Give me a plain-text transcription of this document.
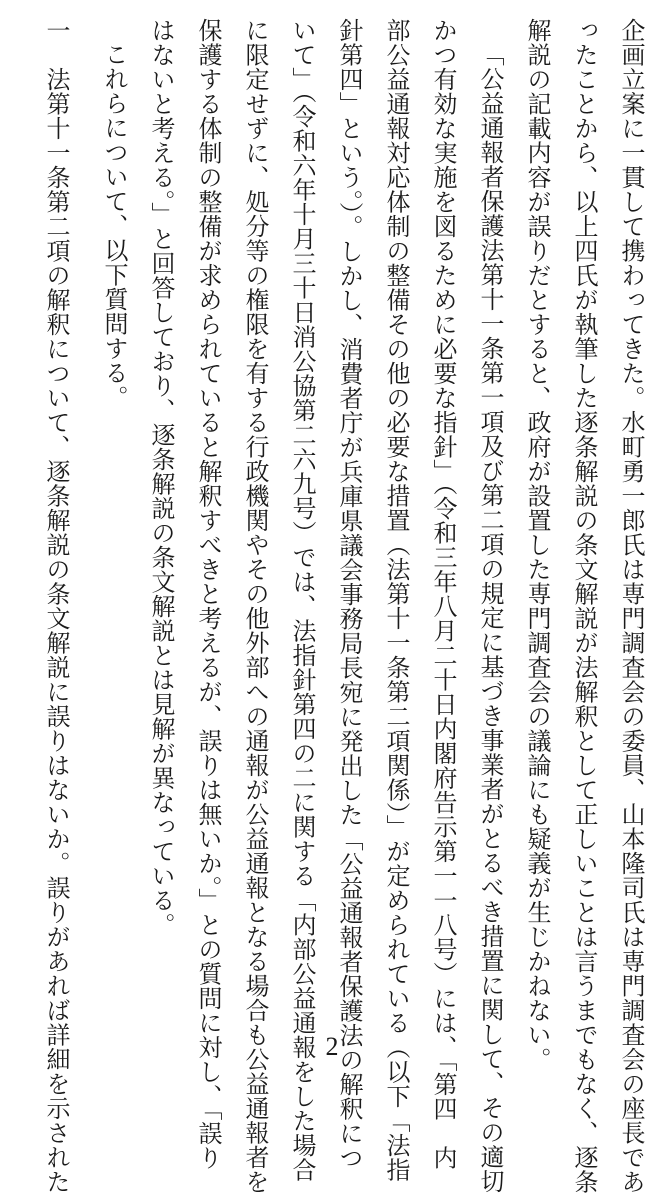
企画立案に一貫して携わってきた。水町勇一郎氏は専門調査会の委員、山本隆司氏は専門調査会の座長であ
ったことから、以上四氏が執筆した逐条解説の条文解説が法解釈として正しいことは言うまでもなく、逐条
解説の記載内容が誤りだとすると、政府が設置した専門調査会の議論にも疑義が生じかねない。
「公益通報者保護法第十一条第一項及び第二項の規定に基づき事業者がとるべき措置に関して、その適切
かつ有効な実施を図るために必要な指針」（令和三年八月二十日内閣府告示第一一八号）には、「第四　内
部公益通報対応体制の整備その他の必要な措置（法第十一条第二項関係）」が定められている（以下「法指
針第四」という。）。しかし、消費者庁が兵庫県議会事務局長宛に発出した「公益通報者保護法の解釈につ
いて」（令和六年十月三十日消公協第二六九号）では、法指針第四の二に関する「内部公益通報をした場合
に限定せずに、処分等の権限を有する行政機関やその他外部への通報が公益通報となる場合も公益通報者を
保護する体制の整備が求められていると解釈すべきと考えるが、誤りは無いか。」との質問に対し、「誤り
はないと考える。」と回答しており、逐条解説の条文解説とは見解が異なっている。
これらについて、以下質問する。
一　法第十一条第二項の解釈について、逐条解説の条文解説に誤りはないか。誤りがあれば詳細を示された	2
